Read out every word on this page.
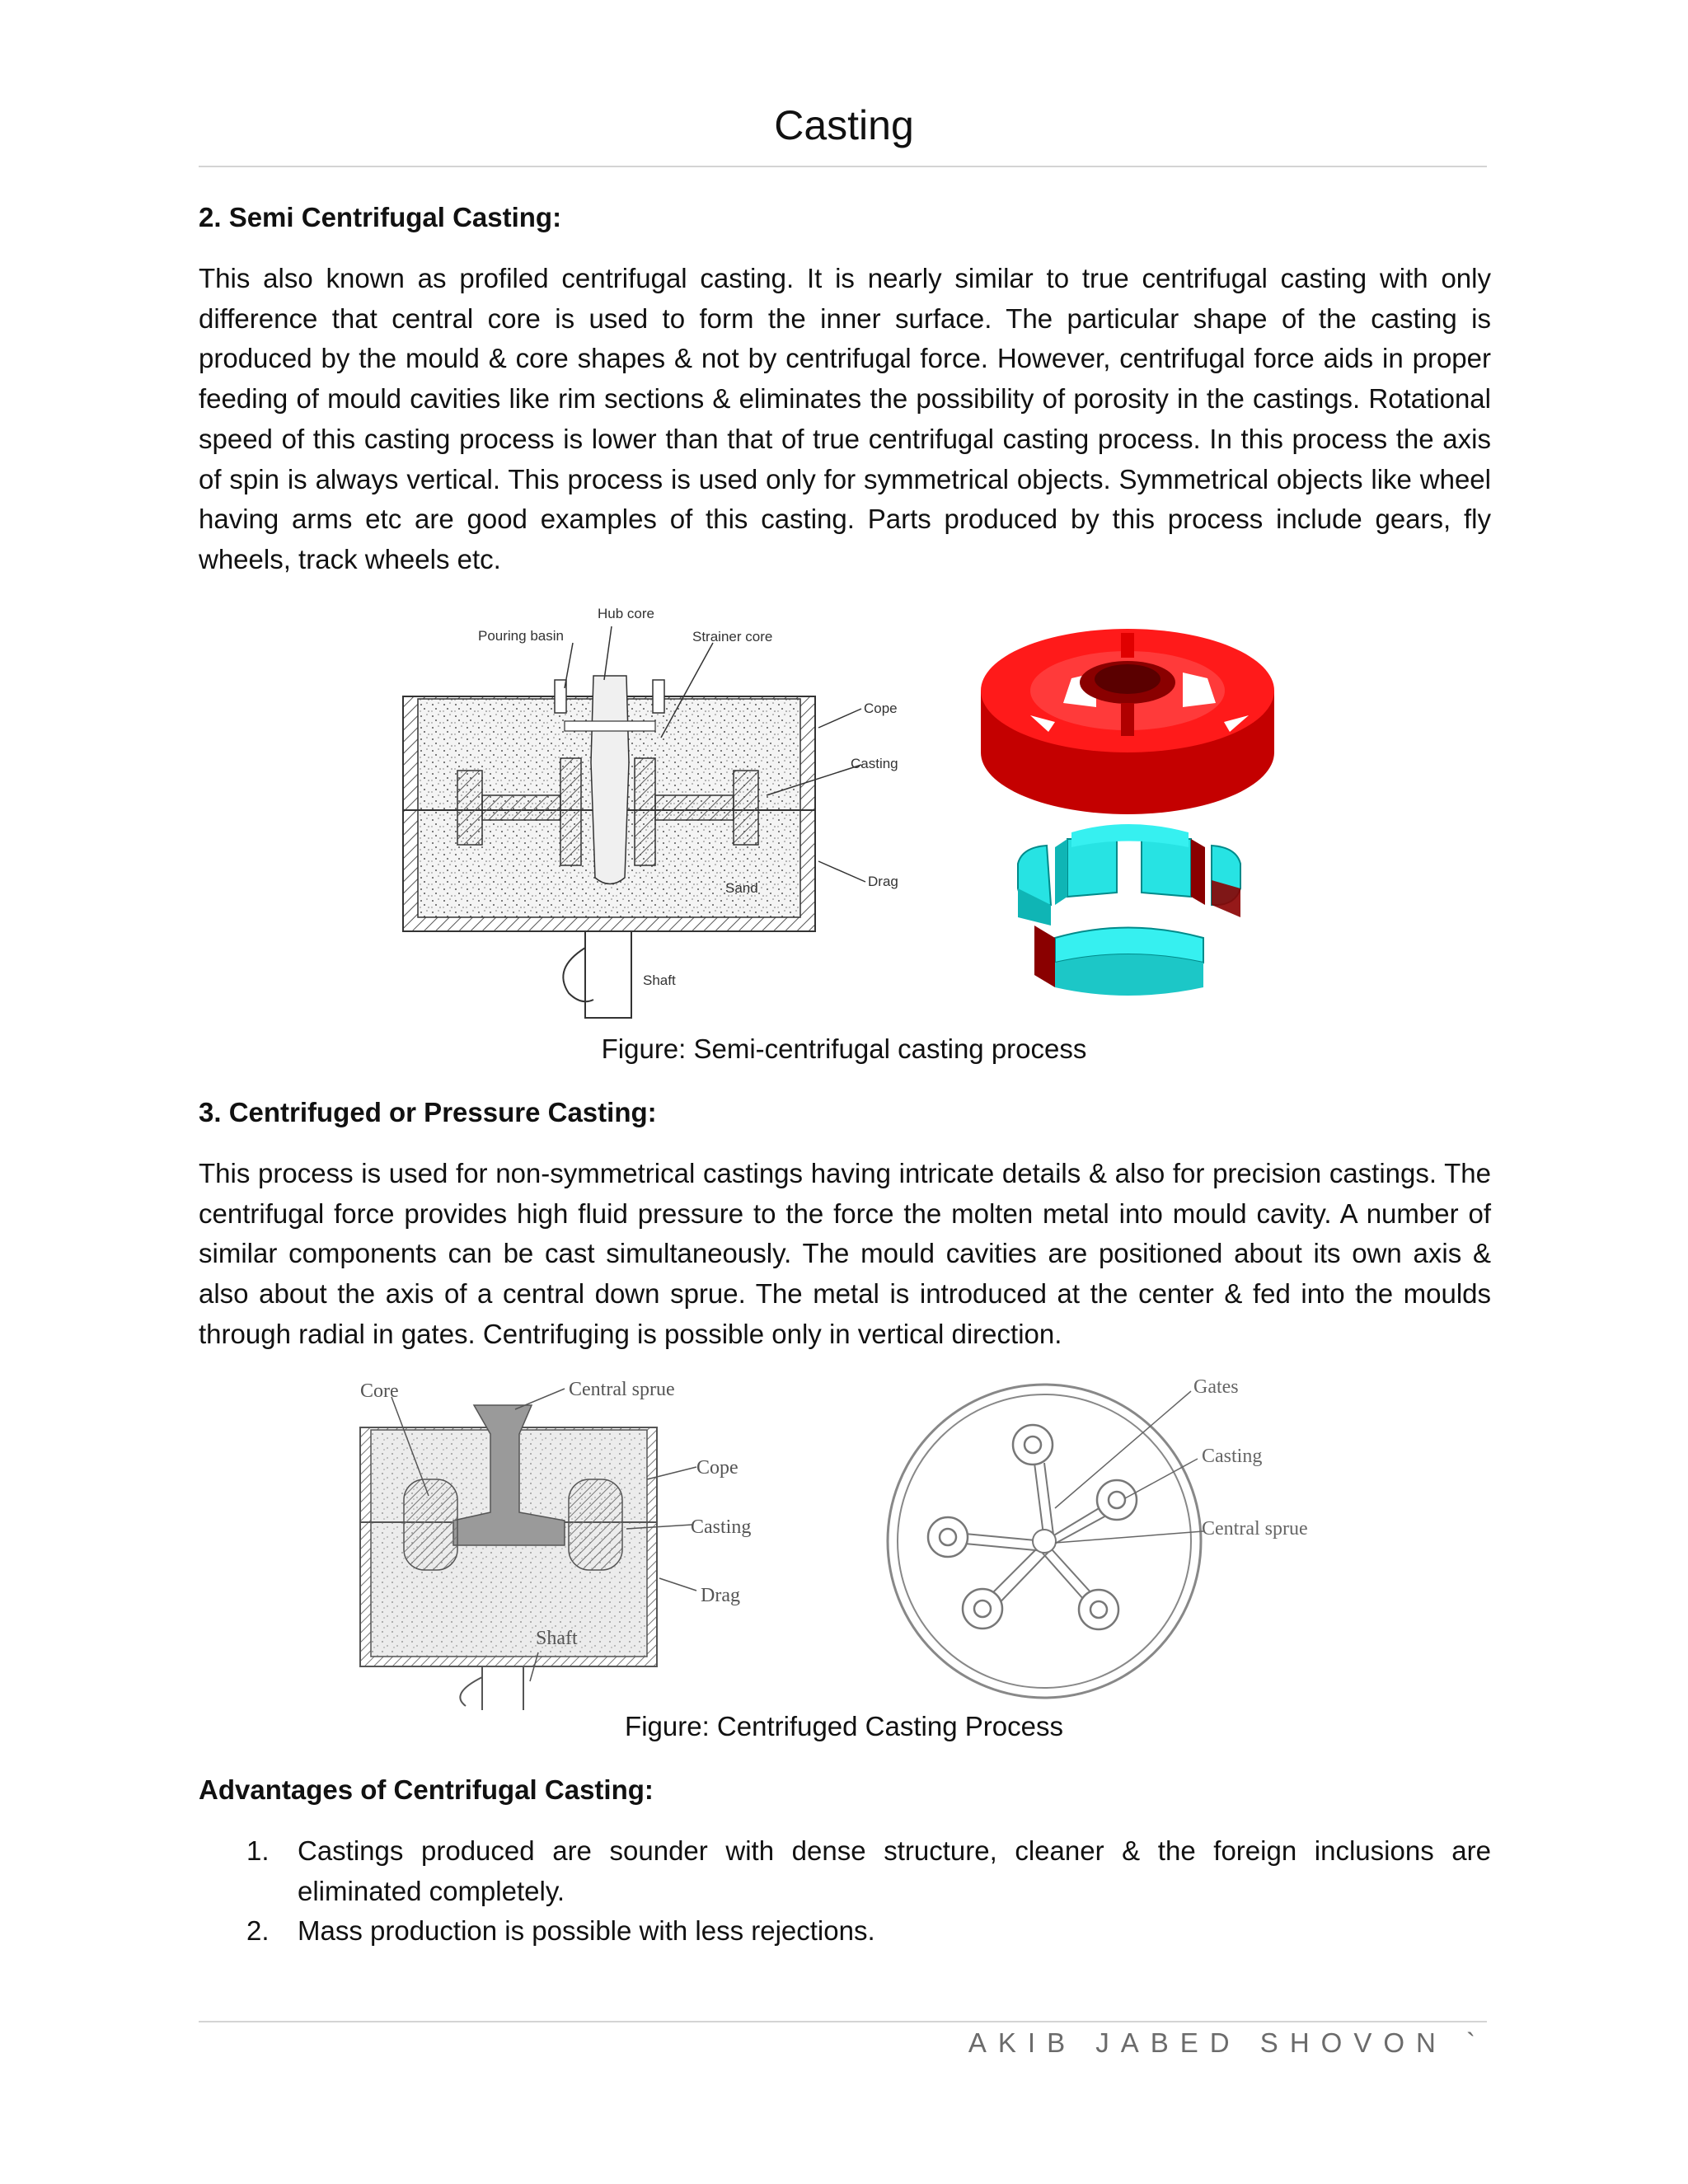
Casting
2. Semi Centrifugal Casting:
This also known as profiled centrifugal casting. It is nearly similar to true centrifugal casting with only difference that central core is used to form the inner surface. The particular shape of the casting is produced by the mould & core shapes & not by centrifugal force. However, centrifugal force aids in proper feeding of mould cavities like rim sections & eliminates the possibility of porosity in the castings. Rotational speed of this casting process is lower than that of true centrifugal casting process. In this process the axis of spin is always vertical. This process is used only for symmetrical objects. Symmetrical objects like wheel having arms etc are good examples of this casting. Parts produced by this process include gears, fly wheels, track wheels etc.
Hub core
Pouring basin	Strainer core
Cope
Casting
Drag
Sand
Shaft
Figure: Semi-centrifugal casting process
3. Centrifuged or Pressure Casting:
This process is used for non-symmetrical castings having intricate details & also for precision castings. The centrifugal force provides high fluid pressure to the force the molten metal into mould cavity. A number of similar components can be cast simultaneously. The mould cavities are positioned about its own axis & also about the axis of a central down sprue. The metal is introduced at the center & fed into the moulds through radial in gates. Centrifuging is possible only in vertical direction.
Core	Central sprue
Cope
Casting
Drag
Shaft
Gates
Casting
Central sprue
Figure: Centrifuged Casting Process
Advantages of Centrifugal Casting:
1. Castings produced are sounder with dense structure, cleaner & the foreign inclusions are eliminated completely.
2. Mass production is possible with less rejections.
AKIB JABED SHOVON `
